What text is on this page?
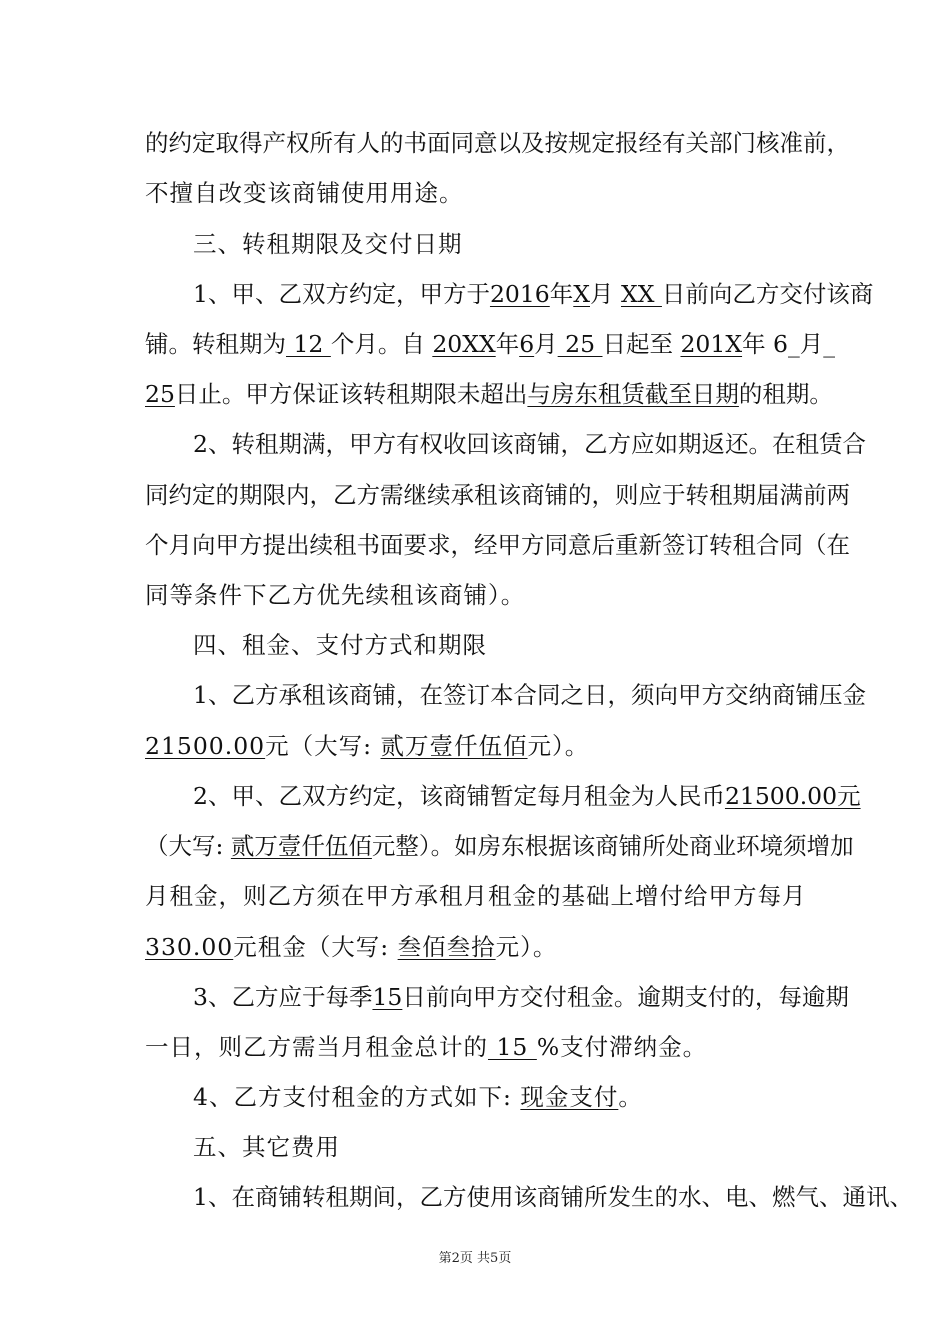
的约定取得产权所有人的书面同意以及按规定报经有关部门核准前，
不擅自改变该商铺使用用途。
三、转租期限及交付日期
1、甲、乙双方约定，甲方于2016年X月 XX 日前向乙方交付该商
铺。转租期为 12 个月。自 20XX年6月 25 日起至 201X年 6_月_
25日止。甲方保证该转租期限未超出与房东租赁截至日期的租期。
2、转租期满，甲方有权收回该商铺，乙方应如期返还。在租赁合
同约定的期限内，乙方需继续承租该商铺的，则应于转租期届满前两
个月向甲方提出续租书面要求，经甲方同意后重新签订转租合同（在
同等条件下乙方优先续租该商铺）。
四、租金、支付方式和期限
1、乙方承租该商铺，在签订本合同之日，须向甲方交纳商铺压金
21500.00元（大写: 贰万壹仟伍佰元）。
2、甲、乙双方约定，该商铺暂定每月租金为人民币21500.00元
（大写: 贰万壹仟伍佰元整）。如房东根据该商铺所处商业环境须增加
月租金，则乙方须在甲方承租月租金的基础上增付给甲方每月
330.00元租金（大写: 叁佰叁拾元）。
3、乙方应于每季15日前向甲方交付租金。逾期支付的，每逾期
一日，则乙方需当月租金总计的 15 %支付滞纳金。
4、乙方支付租金的方式如下: 现金支付。
五、其它费用
1、在商铺转租期间，乙方使用该商铺所发生的水、电、燃气、通讯、
第2页 共5页
